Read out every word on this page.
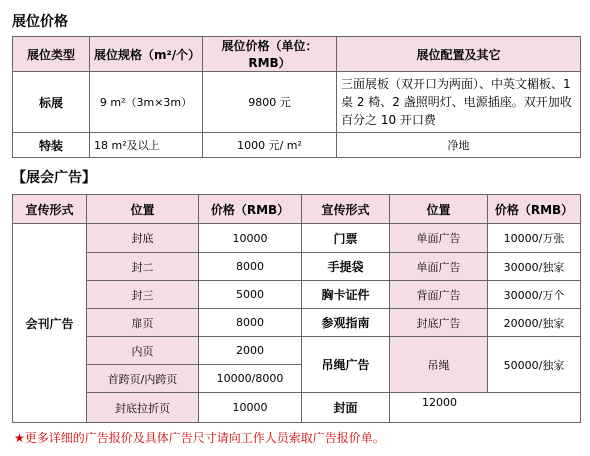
展位价格
展位类型	展位规格（m²/个）	展位价格（单位：RMB）	展位配置及其它
标展	9 m²（3m×3m）	9800 元	三面展板（双开口为两面）、中英文楣板、1桌 2 椅、2 盏照明灯、电源插座。双开加收百分之 10 开口费
特装	18 m²及以上	1000 元/ m²	净地
【展会广告】
宣传形式	位置	价格（RMB）	宣传形式	位置	价格（RMB）
会刊广告	封底	10000	门票	单面广告	10000/万张
	封二	8000	手提袋	单面广告	30000/独家
	封三	5000	胸卡证件	背面广告	30000/万个
	扉页	8000	参观指南	封底广告	20000/独家
	内页	2000	吊绳广告	吊绳	50000/独家
	首跨页/内跨页	10000/8000			
	封底拉折页	10000	封面	12000	
★更多详细的广告报价及具体广告尺寸请向工作人员索取广告报价单。
